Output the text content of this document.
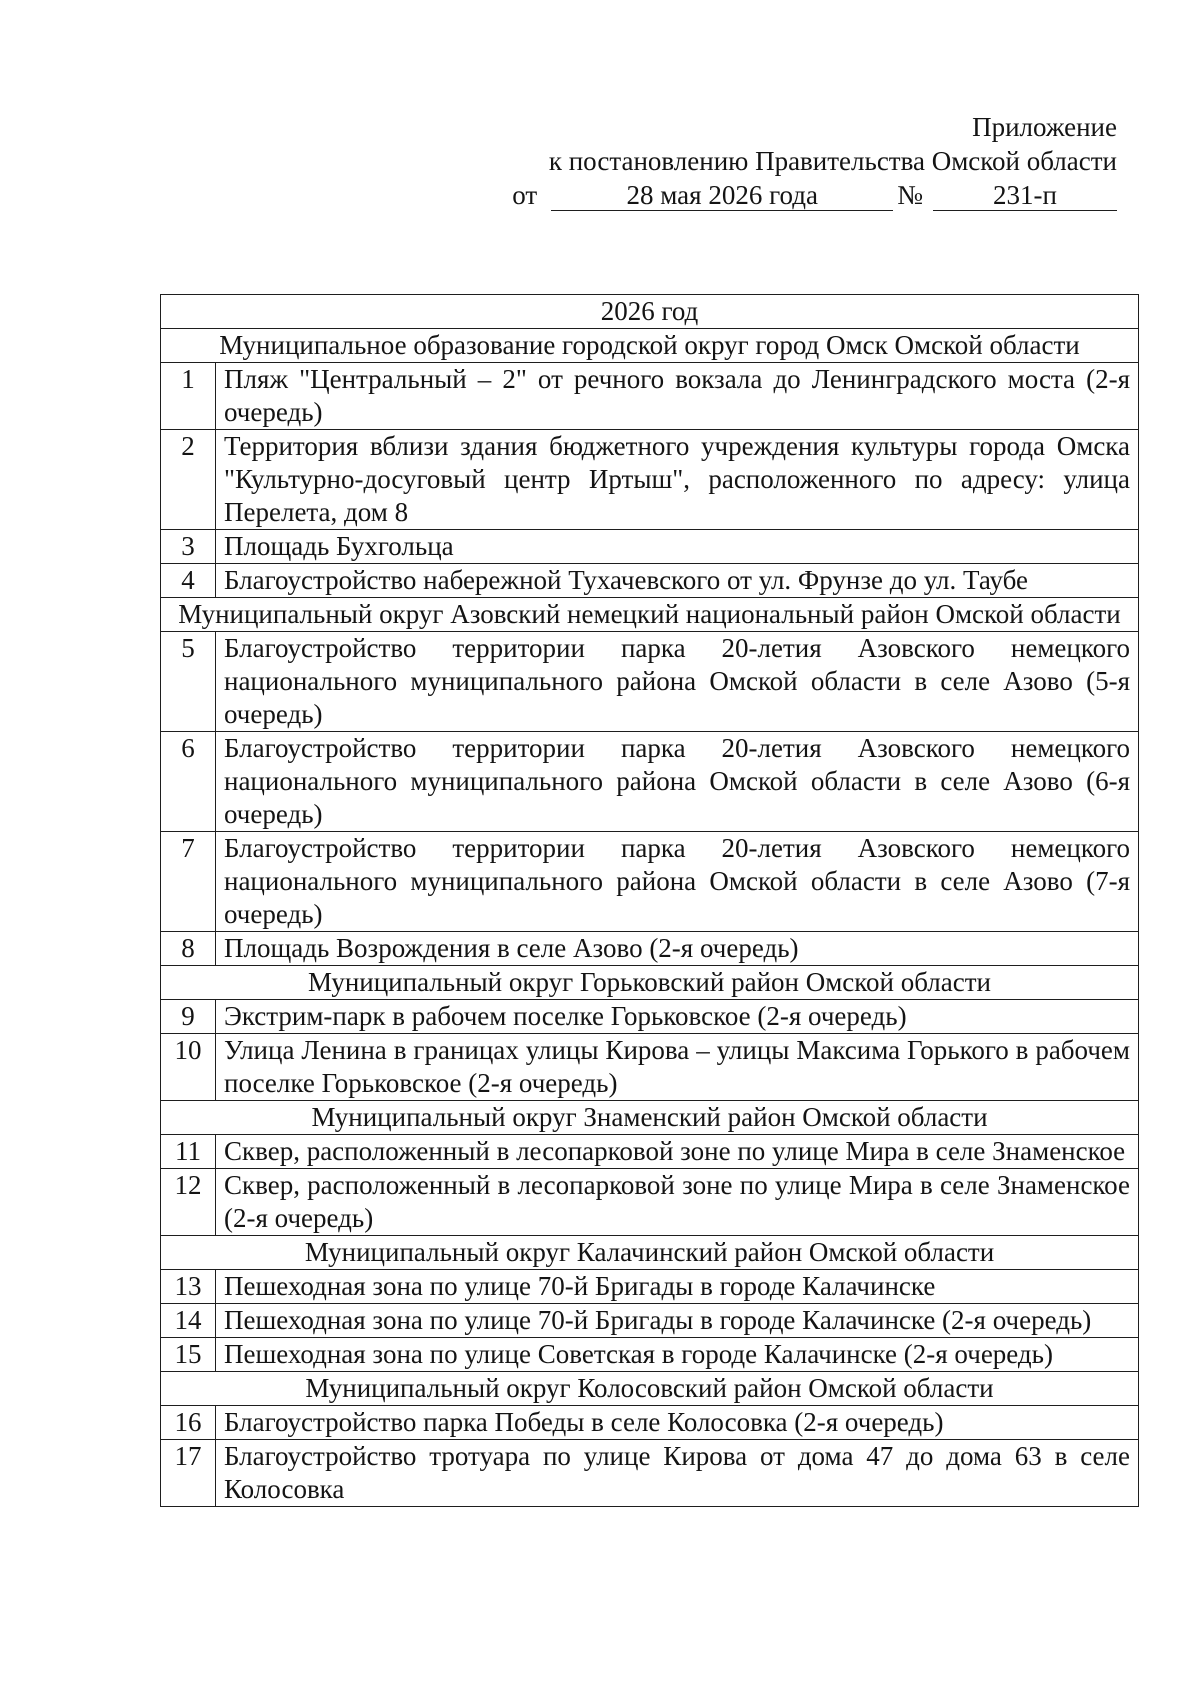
Приложение
к постановлению Правительства Омской области
от	28 мая 2026 года	№	231-п
2026 год	
Муниципальное образование городской округ город Омск Омской области	
1	Пляж "Центральный – 2" от речного вокзала до Ленинградского моста (2-я очередь)
2	Территория вблизи здания бюджетного учреждения культуры города Омска "Культурно-досуговый центр Иртыш", расположенного по адресу: улица Перелета, дом 8
3	Площадь Бухгольца
4	Благоустройство набережной Тухачевского от ул. Фрунзе до ул. Таубе
Муниципальный округ Азовский немецкий национальный район Омской области	
5	Благоустройство территории парка 20-летия Азовского немецкого национального муниципального района Омской области в селе Азово (5-я очередь)
6	Благоустройство территории парка 20-летия Азовского немецкого национального муниципального района Омской области в селе Азово (6-я очередь)
7	Благоустройство территории парка 20-летия Азовского немецкого национального муниципального района Омской области в селе Азово (7-я очередь)
8	Площадь Возрождения в селе Азово (2-я очередь)
Муниципальный округ Горьковский район Омской области	
9	Экстрим-парк в рабочем поселке Горьковское (2-я очередь)
10	Улица Ленина в границах улицы Кирова – улицы Максима Горького в рабочем поселке Горьковское (2-я очередь)
Муниципальный округ Знаменский район Омской области	
11	Сквер, расположенный в лесопарковой зоне по улице Мира в селе Знаменское
12	Сквер, расположенный в лесопарковой зоне по улице Мира в селе Знаменское (2-я очередь)
Муниципальный округ Калачинский район Омской области	
13	Пешеходная зона по улице 70-й Бригады в городе Калачинске
14	Пешеходная зона по улице 70-й Бригады в городе Калачинске (2-я очередь)
15	Пешеходная зона по улице Советская в городе Калачинске (2-я очередь)
Муниципальный округ Колосовский район Омской области	
16	Благоустройство парка Победы в селе Колосовка (2-я очередь)
17	Благоустройство тротуара по улице Кирова от дома 47 до дома 63 в селе Колосовка
